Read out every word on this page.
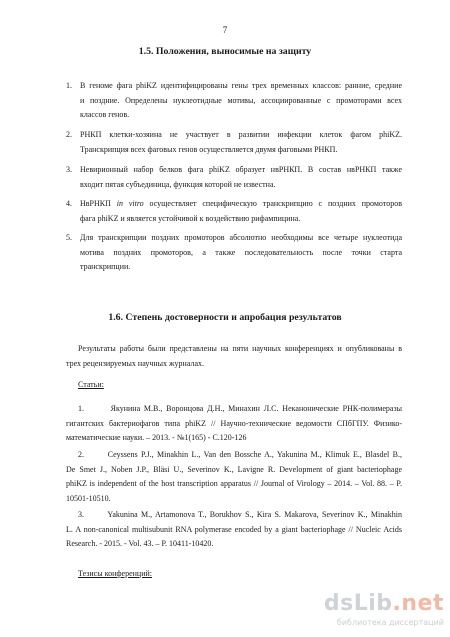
7
1.5. Положения, выносимые на защиту
1. В геноме фага phiKZ идентифицированы гены трех временных классов: ранние, средние
и поздние. Определены нуклеотидные мотивы, ассоциированные с промоторами всех
классов генов.
2. РНКП клетки-хозяина не участвует в развитии инфекции клеток фагом phiKZ.
Транскрипция всех фаговых генов осуществляется двумя фаговыми РНКП.
3. Невирионный набор белков фага phiKZ образует нвРНКП. В состав нвРНКП также
входит пятая субъединица, функция которой не известна.
4. НвРНКП in vitro осуществляет специфическую транскрипцию с поздних промоторов
фага phiKZ и является устойчивой к воздействию рифампицина.
5. Для транскрипции поздних промоторов абсолютно необходимы все четыре нуклеотида
мотива поздних промоторов, а также последовательность после точки старта
транскрипции.
1.6. Степень достоверности и апробация результатов
Результаты работы были представлены на пяти научных конференциях и опубликованы в
трех рецензируемых научных журналах.
Статьи:
1.	Якунина М.В., Воронцова Д.Н., Минахин Л.С. Неканонические РНК-полимеразы
гигантских бактериофагов типа phiKZ // Научно-технические ведомости СПбГПУ. Физико-
математические науки. – 2013. - №1(165) - С.120-126
2.	Ceyssens P.J., Minakhin L., Van den Bossche A., Yakunina M., Klimuk E., Blasdel B.,
De Smet J., Noben J.P., Bläsi U., Severinov K., Lavigne R. Development of giant bacteriophage
phiKZ is independent of the host transcription apparatus // Journal of Virology – 2014. – Vol. 88. – P.
10501-10510.
3.	Yakunina M., Artamonova T., Borukhov S., Kira S. Makarova, Severinov K., Minakhin
L. A non-canonical multisubunit RNA polymerase encoded by a giant bacteriophage // Nucleic Acids
Research. - 2015. - Vol. 43. – P. 10411-10420.
Тезисы конференций:
dsLib.net
библиотека диссертаций
